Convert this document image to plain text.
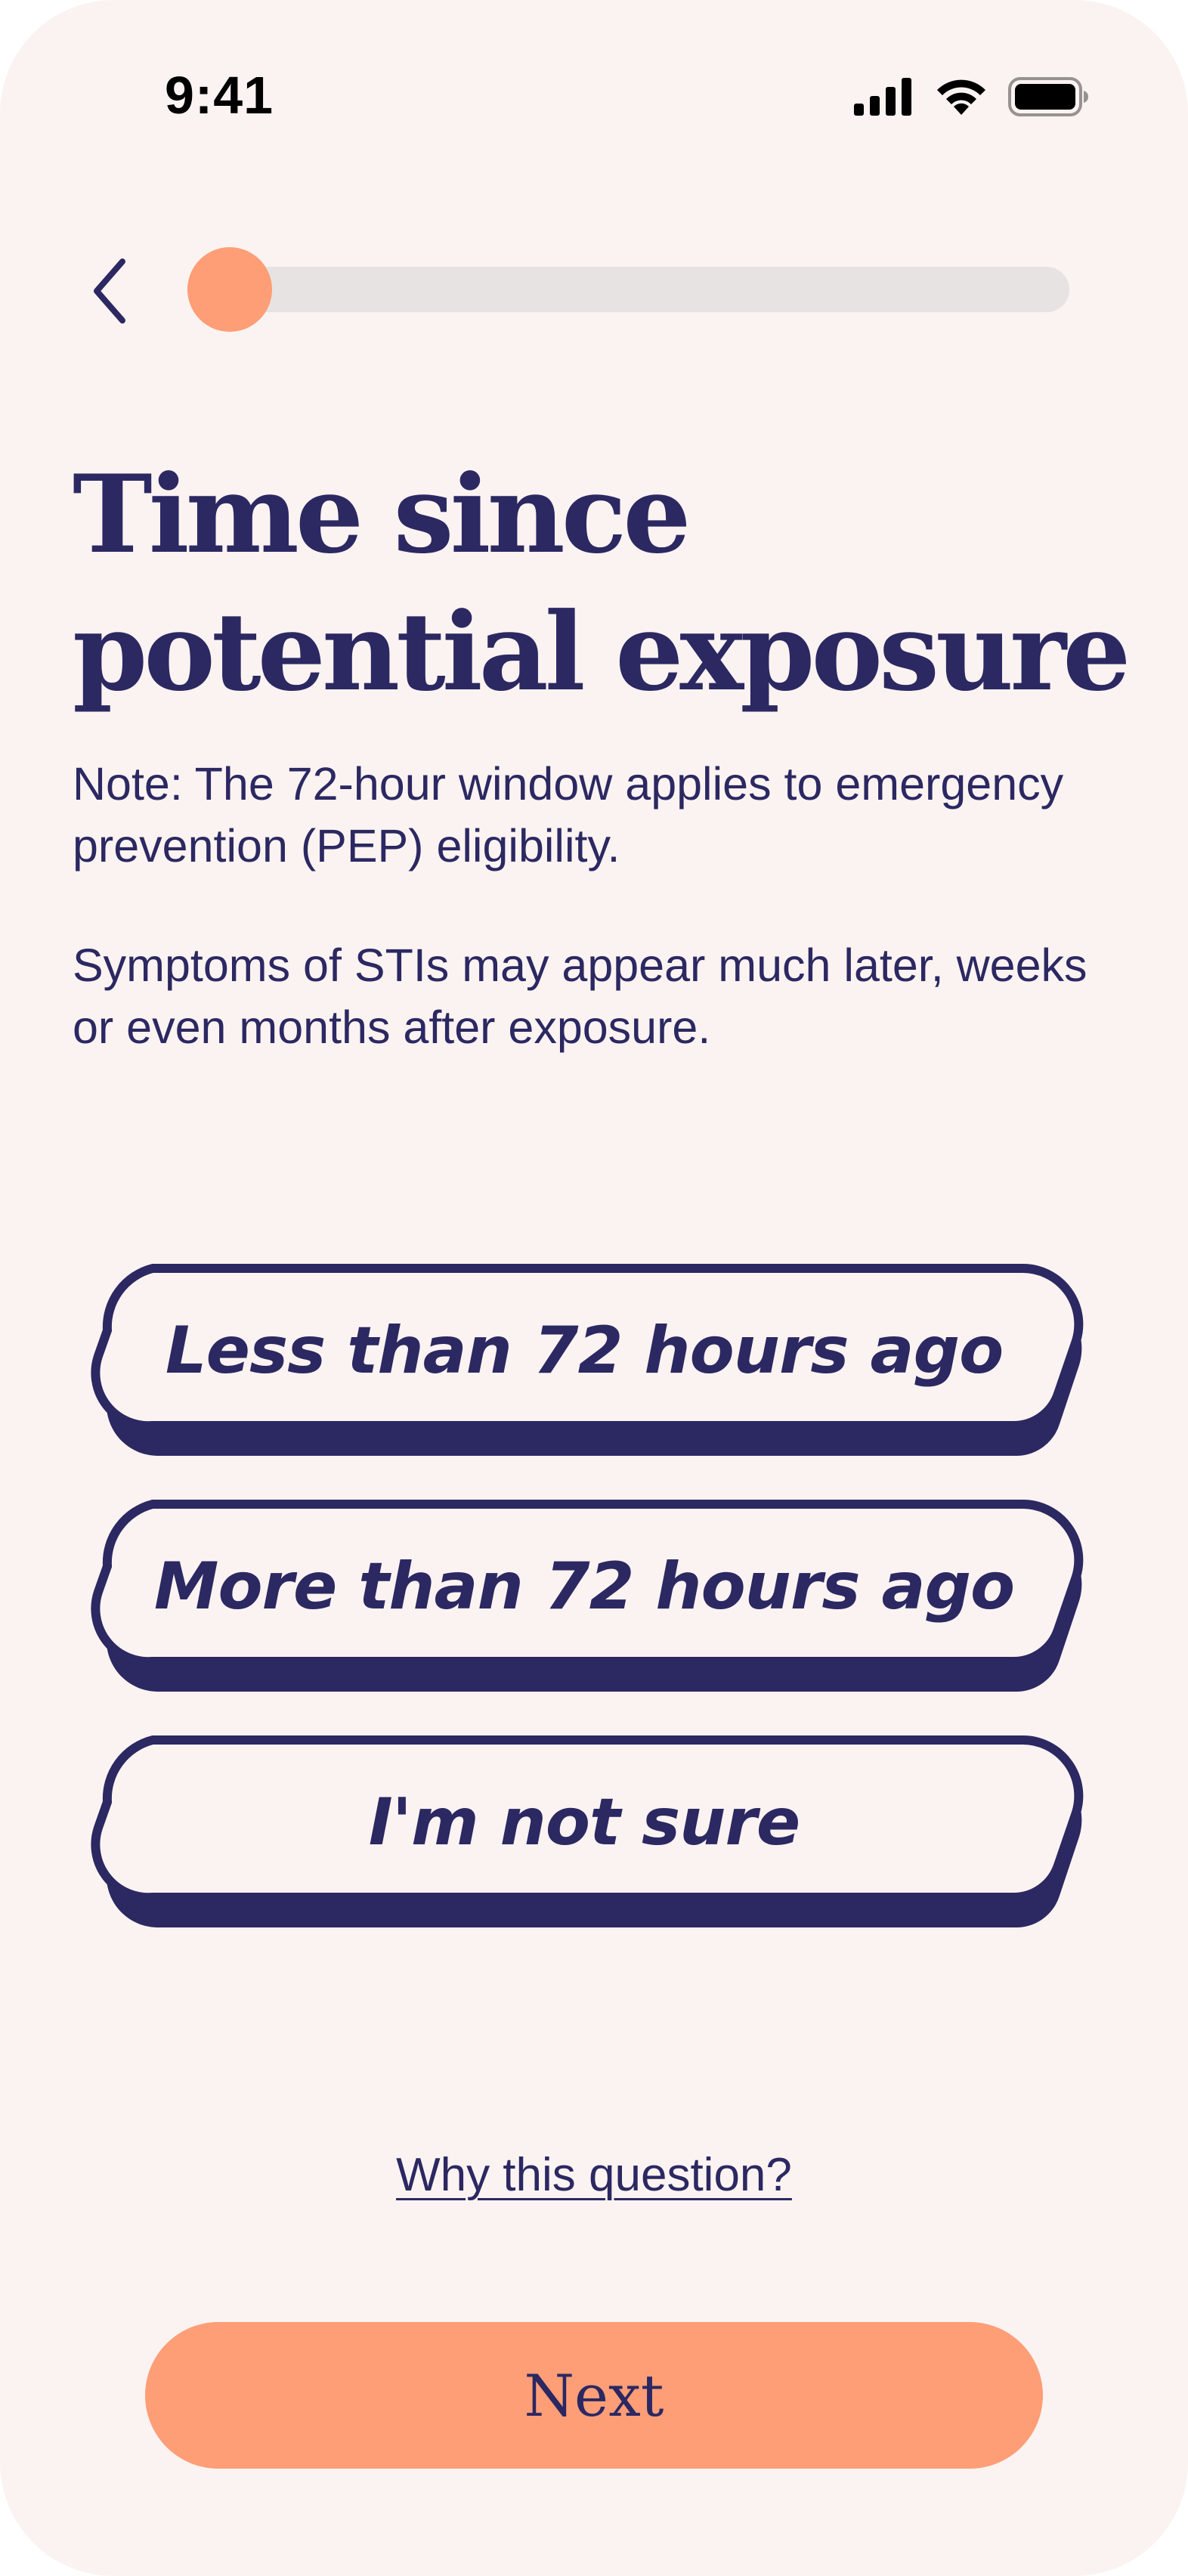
9:41
Time since potential exposure

Note: The 72-hour window applies to emergency prevention (PEP) eligibility.

Symptoms of STIs may appear much later, weeks or even months after exposure.

Less than 72 hours ago
More than 72 hours ago
I'm not sure
Why this question?
Next
